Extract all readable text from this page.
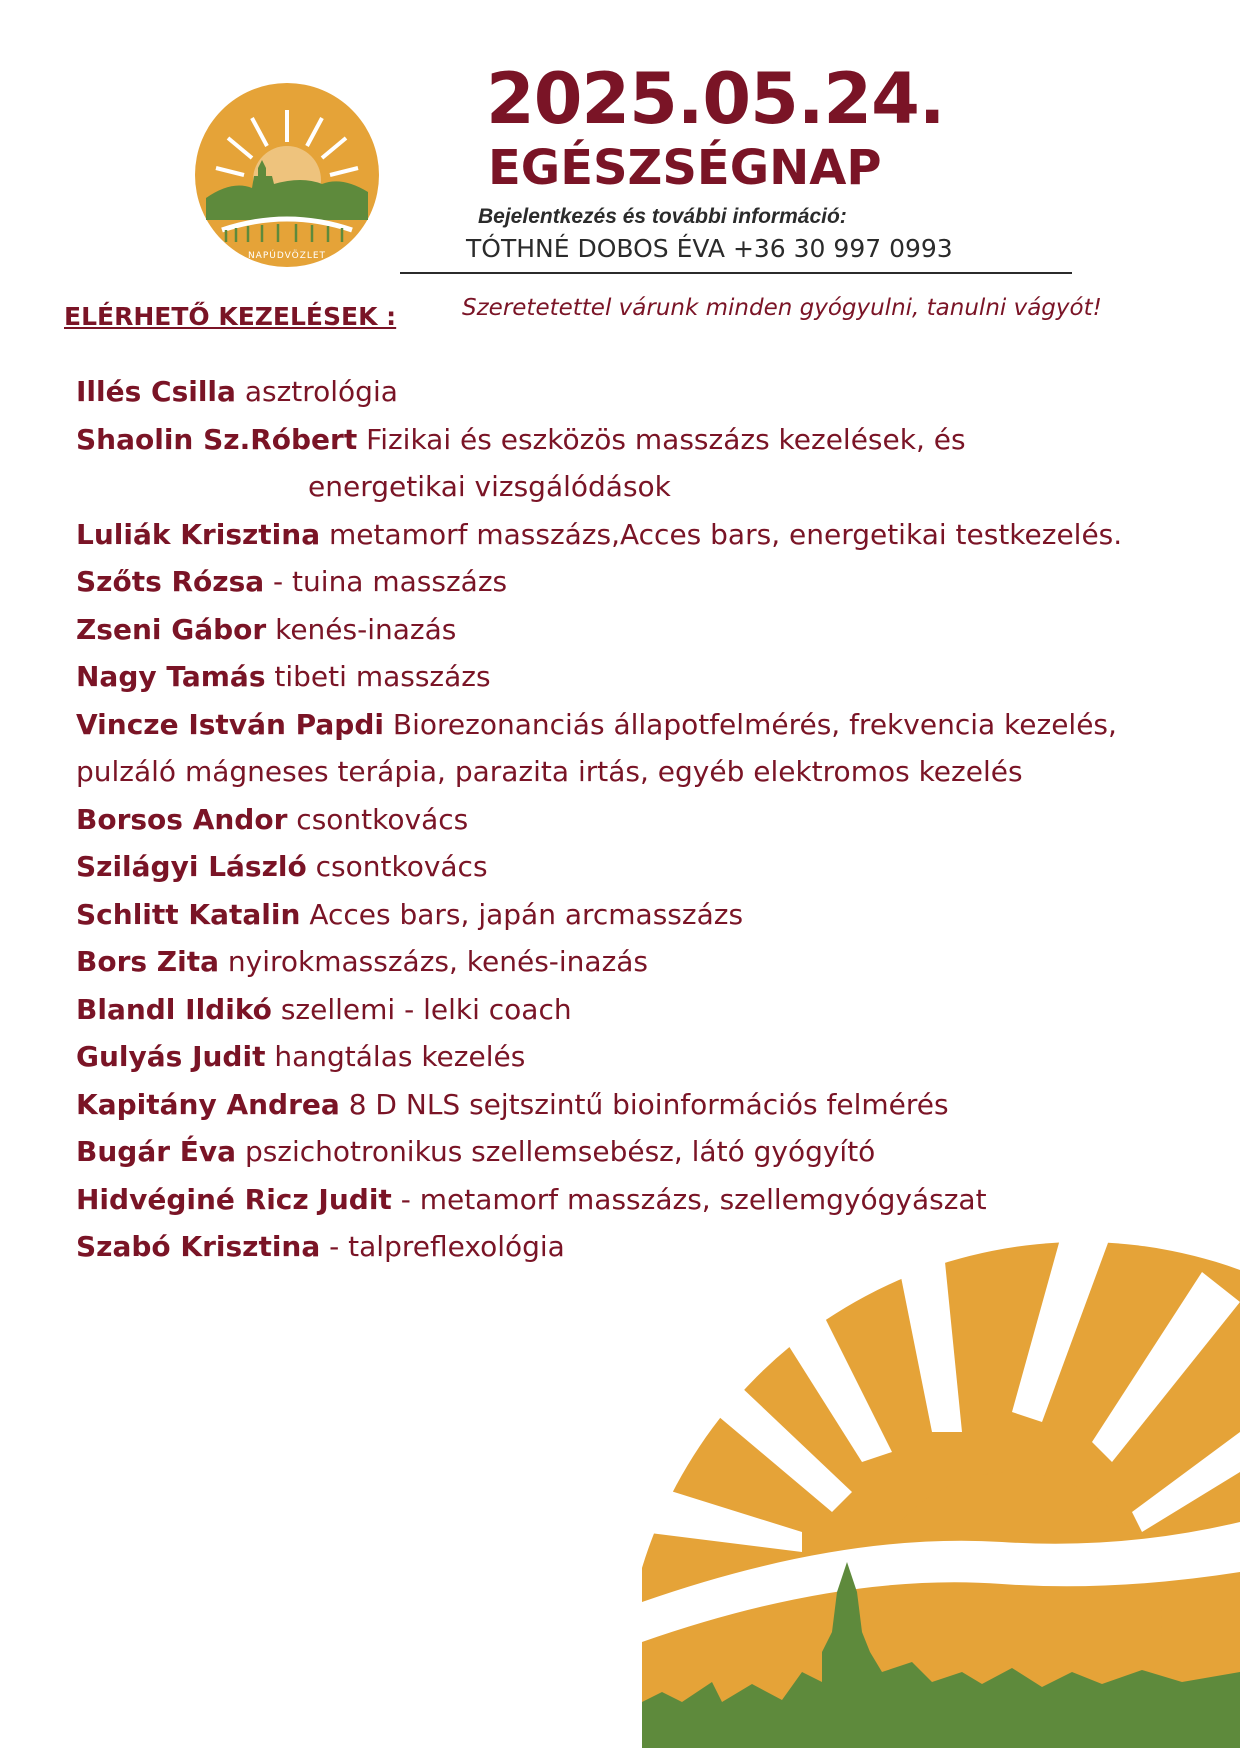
NAPÚDVÖZLET
2025.05.24.
EGÉSZSÉGNAP
Bejelentkezés és további információ:
TÓTHNÉ DOBOS ÉVA +36 30 997 0993
ELÉRHETŐ KEZELÉSEK :	Szeretetettel várunk minden gyógyulni, tanulni vágyót!
Illés Csilla asztrológia
Shaolin Sz.Róbert Fizikai és eszközös masszázs kezelések, és
energetikai vizsgálódások
Luliák Krisztina metamorf masszázs,Acces bars, energetikai testkezelés.
Szőts Rózsa - tuina masszázs
Zseni Gábor kenés-inazás
Nagy Tamás tibeti masszázs
Vincze István Papdi Biorezonanciás állapotfelmérés, frekvencia kezelés,
pulzáló mágneses terápia, parazita irtás, egyéb elektromos kezelés
Borsos Andor csontkovács
Szilágyi László csontkovács
Schlitt Katalin Acces bars, japán arcmasszázs
Bors Zita nyirokmasszázs, kenés-inazás
Blandl Ildikó szellemi - lelki coach
Gulyás Judit hangtálas kezelés
Kapitány Andrea 8 D NLS sejtszintű bioinformációs felmérés
Bugár Éva pszichotronikus szellemsebész, látó gyógyító
Hidvéginé Ricz Judit - metamorf masszázs, szellemgyógyászat
Szabó Krisztina - talpreflexológia
